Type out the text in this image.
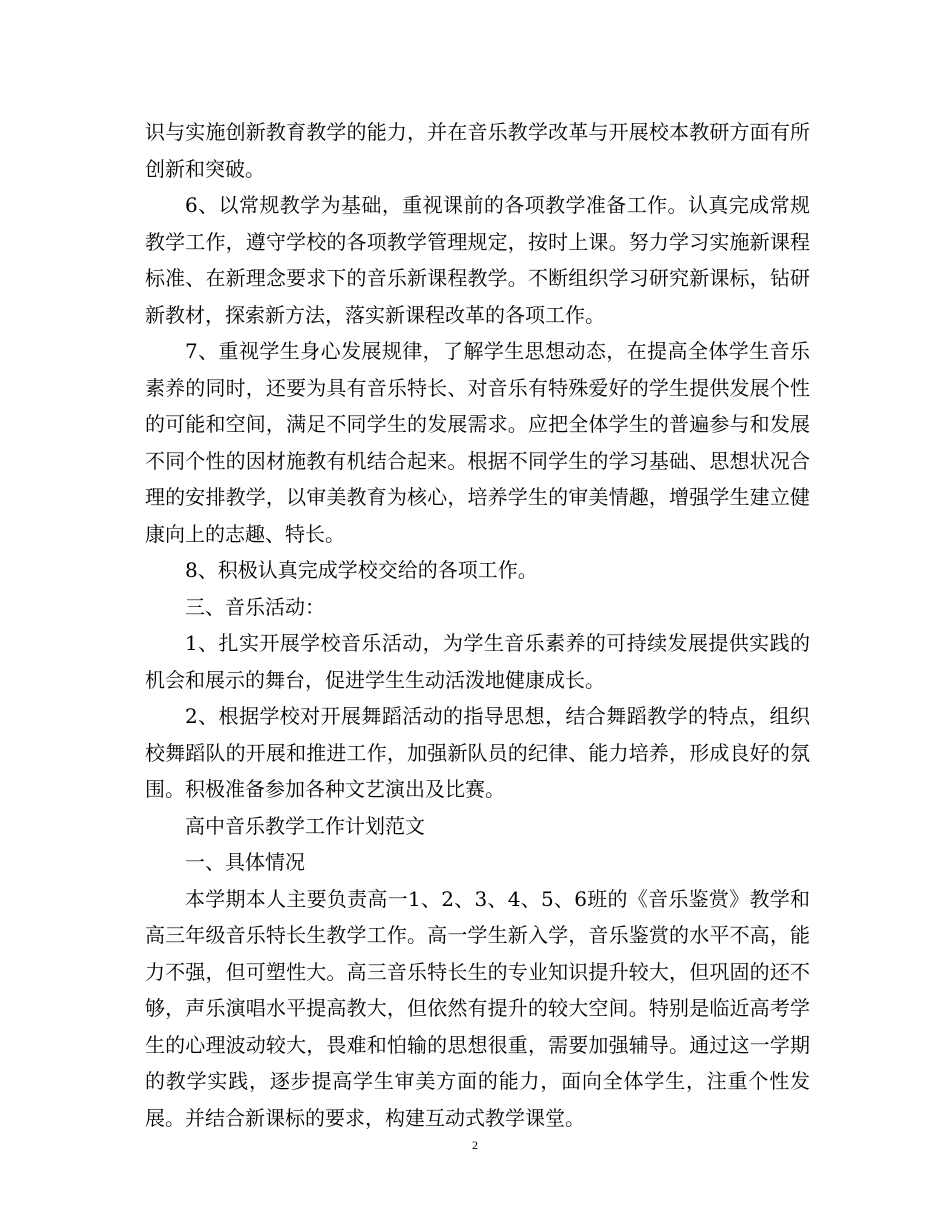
识与实施创新教育教学的能力，并在音乐教学改革与开展校本教研方面有所创新和突破。

6、以常规教学为基础，重视课前的各项教学准备工作。认真完成常规教学工作，遵守学校的各项教学管理规定，按时上课。努力学习实施新课程标准、在新理念要求下的音乐新课程教学。不断组织学习研究新课标，钻研新教材，探索新方法，落实新课程改革的各项工作。

7、重视学生身心发展规律，了解学生思想动态，在提高全体学生音乐素养的同时，还要为具有音乐特长、对音乐有特殊爱好的学生提供发展个性的可能和空间，满足不同学生的发展需求。应把全体学生的普遍参与和发展不同个性的因材施教有机结合起来。根据不同学生的学习基础、思想状况合理的安排教学，以审美教育为核心，培养学生的审美情趣，增强学生建立健康向上的志趣、特长。

8、积极认真完成学校交给的各项工作。

三、音乐活动：

1、扎实开展学校音乐活动，为学生音乐素养的可持续发展提供实践的机会和展示的舞台，促进学生生动活泼地健康成长。

2、根据学校对开展舞蹈活动的指导思想，结合舞蹈教学的特点，组织校舞蹈队的开展和推进工作，加强新队员的纪律、能力培养，形成良好的氛围。积极准备参加各种文艺演出及比赛。

高中音乐教学工作计划范文

一、具体情况

本学期本人主要负责高一1、2、3、4、5、6班的《音乐鉴赏》教学和高三年级音乐特长生教学工作。高一学生新入学，音乐鉴赏的水平不高，能力不强，但可塑性大。高三音乐特长生的专业知识提升较大，但巩固的还不够，声乐演唱水平提高教大，但依然有提升的较大空间。特别是临近高考学生的心理波动较大，畏难和怕输的思想很重，需要加强辅导。通过这一学期的教学实践，逐步提高学生审美方面的能力，面向全体学生，注重个性发展。并结合新课标的要求，构建互动式教学课堂。

2
